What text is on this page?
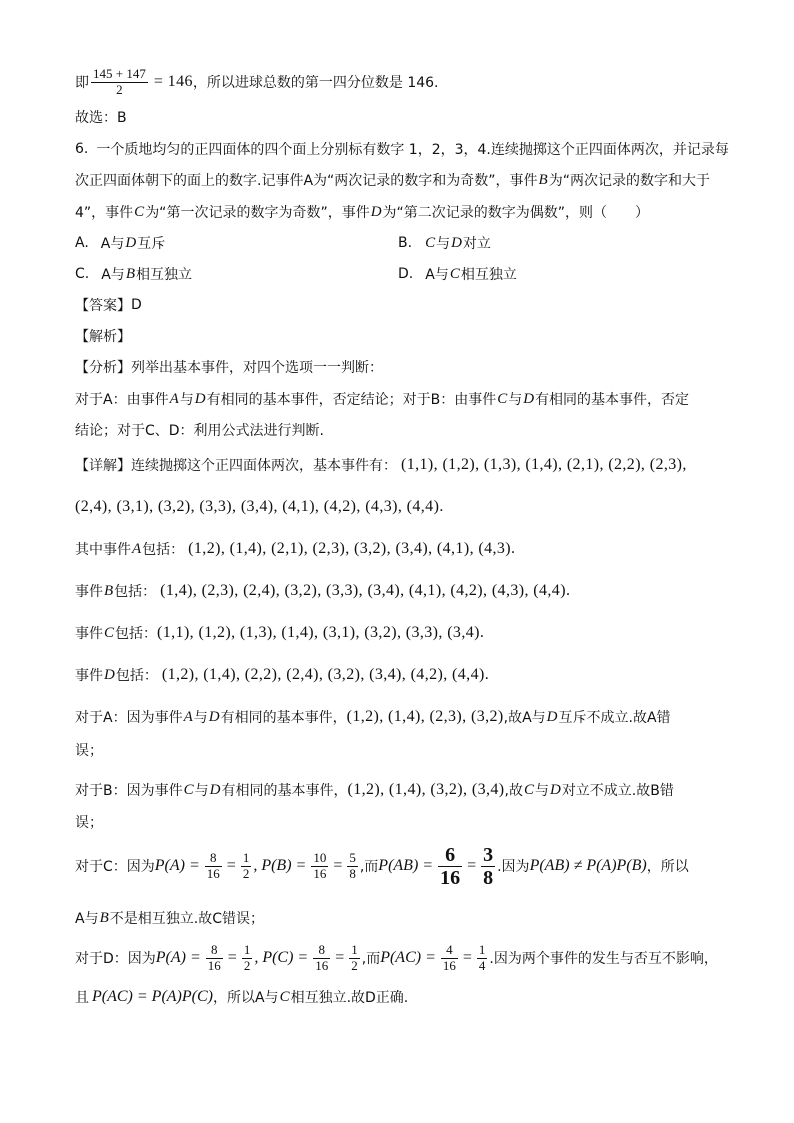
即 $\frac{145 + 147}{2} = 146$ ，所以进球总数的第一四分位数是 146.
故选：B
6. 一个质地均匀的正四面体的四个面上分别标有数字 1，2，3，4.连续抛掷这个正四面体两次，并记录每
次正四面体朝下的面上的数字.记事件A为“两次记录的数字和为奇数”，事件 B 为“两次记录的数字和大于
4”，事件 C 为“第一次记录的数字为奇数”，事件 D 为“第二次记录的数字为偶数”，则（　　）
A. A与 D 互斥	B. C 与 D 对立
C. A与 B 相互独立	D. A与 C 相互独立
【答案】 D
【解析】
【分析】列举出基本事件，对四个选项一一判断：
对于A：由事件 A 与 D 有相同的基本事件，否定结论；对于B：由事件 C 与 D 有相同的基本事件，否定
结论；对于C、D：利用公式法进行判断.
【详解】连续抛掷这个正四面体两次，基本事件有： (1,1), (1,2), (1,3), (1,4), (2,1), (2,2), (2,3),
(2,4), (3,1), (3,2), (3,3), (3,4), (4,1), (4,2), (4,3), (4,4) .
其中事件 A 包括： (1,2), (1,4), (2,1), (2,3), (3,2), (3,4), (4,1), (4,3) .
事件 B 包括： (1,4), (2,3), (2,4), (3,2), (3,3), (3,4), (4,1), (4,2), (4,3), (4,4) .
事件 C 包括： (1,1), (1,2), (1,3), (1,4), (3,1), (3,2), (3,3), (3,4) .
事件 D 包括： (1,2), (1,4), (2,2), (2,4), (3,2), (3,4), (4,2), (4,4) .
对于A：因为事件 A 与 D 有相同的基本事件， (1,2), (1,4), (2,3), (3,2) ,故A与 D 互斥不成立.故A错
误；
对于B：因为事件 C 与 D 有相同的基本事件， (1,2), (1,4), (3,2), (3,4) ,故 C 与 D 对立不成立.故B错
误；
对于C：因为 $P(A) = \frac{8}{16} = \frac{1}{2}$ , $P(B) = \frac{10}{16} = \frac{5}{8}$ ,而 $P(AB) = \frac{6}{16} = \frac{3}{8}$ .因为 P(AB) ≠ P(A)P(B) ，所以
A与 B 不是相互独立.故C错误；
对于D：因为 $P(A) = \frac{8}{16} = \frac{1}{2}$ , $P(C) = \frac{8}{16} = \frac{1}{2}$ ,而 $P(AC) = \frac{4}{16} = \frac{1}{4}$ .因为两个事件的发生与否互不影响，
且 P(AC) = P(A)P(C) ，所以A与 C 相互独立.故D正确.
